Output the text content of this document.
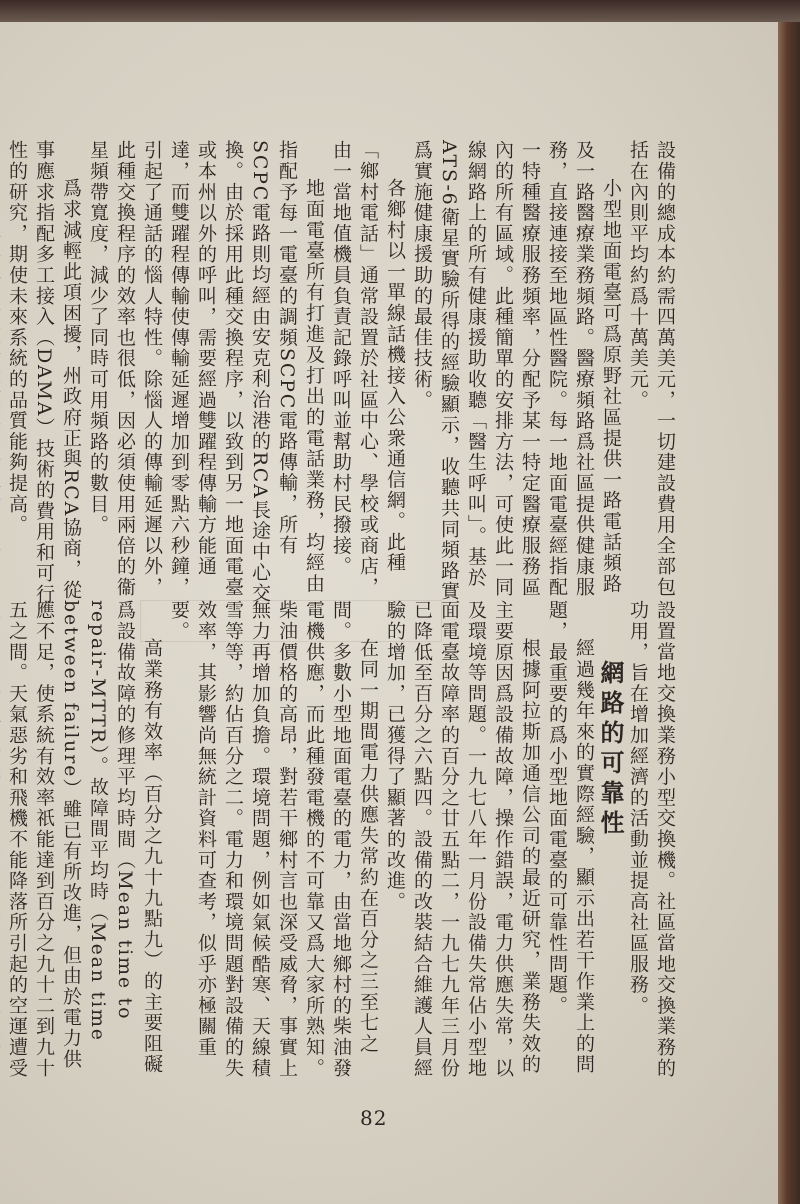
設備的總成本約需四萬美元，一切建設費用全部包括在內則平均約爲十萬美元。

小型地面電臺可爲原野社區提供一路電話頻路及一路醫療業務頻路。醫療頻路爲社區提供健康服務，直接連接至地區性醫院。每一地面電臺經指配一特種醫療服務頻率，分配予某一特定醫療服務區內的所有區域。此種簡單的安排方法，可使此一同線網路上的所有健康援助收聽「醫生呼叫」。基於ATS-6衛星實驗所得的經驗顯示，收聽共同頻路實爲實施健康援助的最佳技術。

各鄉村以一單線話機接入公衆通信網。此種「鄉村電話」通常設置於社區中心、學校或商店，由一當地值機員負責記錄呼叫並幫助村民撥接。

地面電臺所有打進及打出的電話業務，均經由指配予每一電臺的調頻SCPC電路傳輸，所有SCPC電路則均經由安克利治港的RCA長途中心交換。由於採用此種交換程序，以致到另一地面電臺或本州以外的呼叫，需要經過雙躍程傳輸方能通達，而雙躍程傳輸使傳輸延遲增加到零點六秒鐘，引起了通話的惱人特性。除惱人的傳輸延遲以外，此種交換程序的效率也很低，因必須使用兩倍的衞星頻帶寬度，減少了同時可用頻路的數目。

爲求減輕此項困擾，州政府正與RCA協商，從事應求指配多工接入（DAMA）技術的費用和可行性的研究，期使未來系統的品質能夠提高。

設置當地交換業務小型交換機。社區當地交換業務的功用，旨在增加經濟的活動並提高社區服務。

網路的可靠性

經過幾年來的實際經驗，顯示出若干作業上的問題，最重要的爲小型地面電臺的可靠性問題。

根據阿拉斯加通信公司的最近研究，業務失效的主要原因爲設備故障，操作錯誤，電力供應失常，以及環境等問題。一九七八年一月份設備失常佔小型地面電臺故障率的百分之廿五點二，一九七九年三月份已降低至百分之六點四。設備的改裝結合維護人員經驗的增加，已獲得了顯著的改進。

在同一期間電力供應失常約在百分之三至七之間。多數小型地面電臺的電力，由當地鄉村的柴油發電機供應，而此種發電機的不可靠又爲大家所熟知。柴油價格的高昂，對若干鄉村言也深受威脅，事實上無力再增加負擔。環境問題，例如氣候酷寒、天線積雪等等，約佔百分之二。電力和環境問題對設備的失效率，其影響尚無統計資料可查考，似乎亦極關重要。

高業務有效率（百分之九十九點九）的主要阻礙爲設備故障的修理平均時間（Mean time to repair-MTTR）。故障間平均時（Mean time between failure）雖已有所改進，但由於電力供應不足，使系統有效率祇能達到百分之九十二到九十五之間。天氣惡劣和飛機不能降落所引起的空運遭受

82
